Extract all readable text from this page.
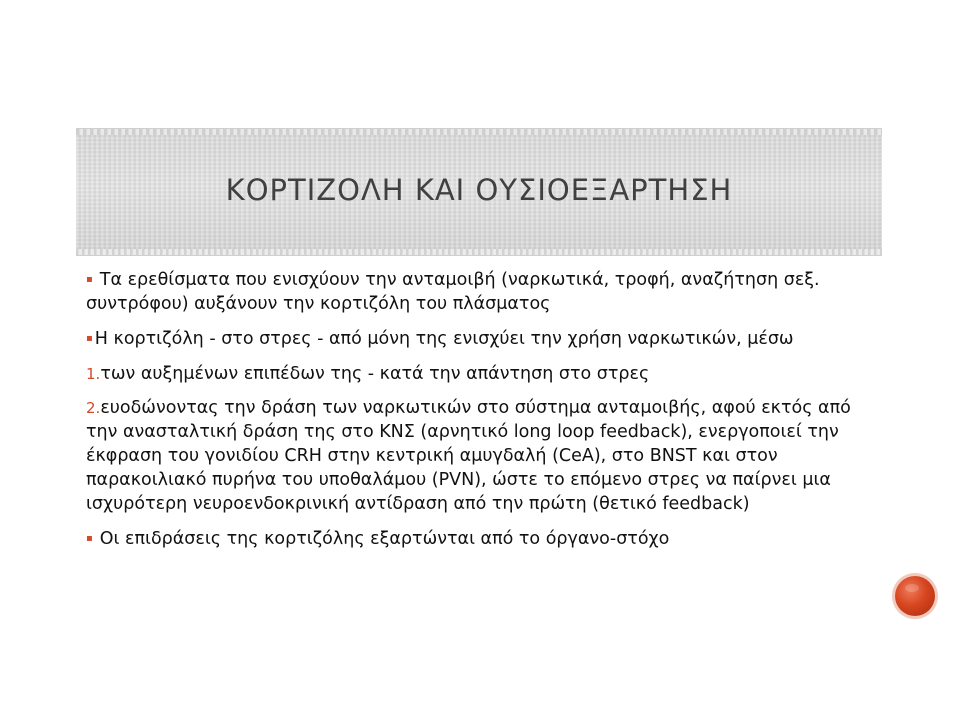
ΚΟΡΤΙΖΟΛΗ ΚΑΙ ΟΥΣΙΟΕΞΑΡΤΗΣΗ

▪ Τα ερεθίσματα που ενισχύουν την ανταμοιβή (ναρκωτικά, τροφή, αναζήτηση σεξ. συντρόφου) αυξάνουν την κορτιζόλη του πλάσματος

▪ Η κορτιζόλη - στο στρες - από μόνη της ενισχύει την χρήση ναρκωτικών, μέσω

1.των αυξημένων επιπέδων της - κατά την απάντηση στο στρες

2.ευοδώνοντας την δράση των ναρκωτικών στο σύστημα ανταμοιβής, αφού εκτός από την ανασταλτική δράση της στο ΚΝΣ (αρνητικό long loop feedback), ενεργοποιεί την έκφραση του γονιδίου CRH στην κεντρική αμυγδαλή (CeA), στο BNST και στον παρακοιλιακό πυρήνα του υποθαλάμου (PVN), ώστε το επόμενο στρες να παίρνει μια ισχυρότερη νευροενδοκρινική αντίδραση από την πρώτη (θετικό feedback)

▪ Οι επιδράσεις της κορτιζόλης εξαρτώνται από το όργανο-στόχο
